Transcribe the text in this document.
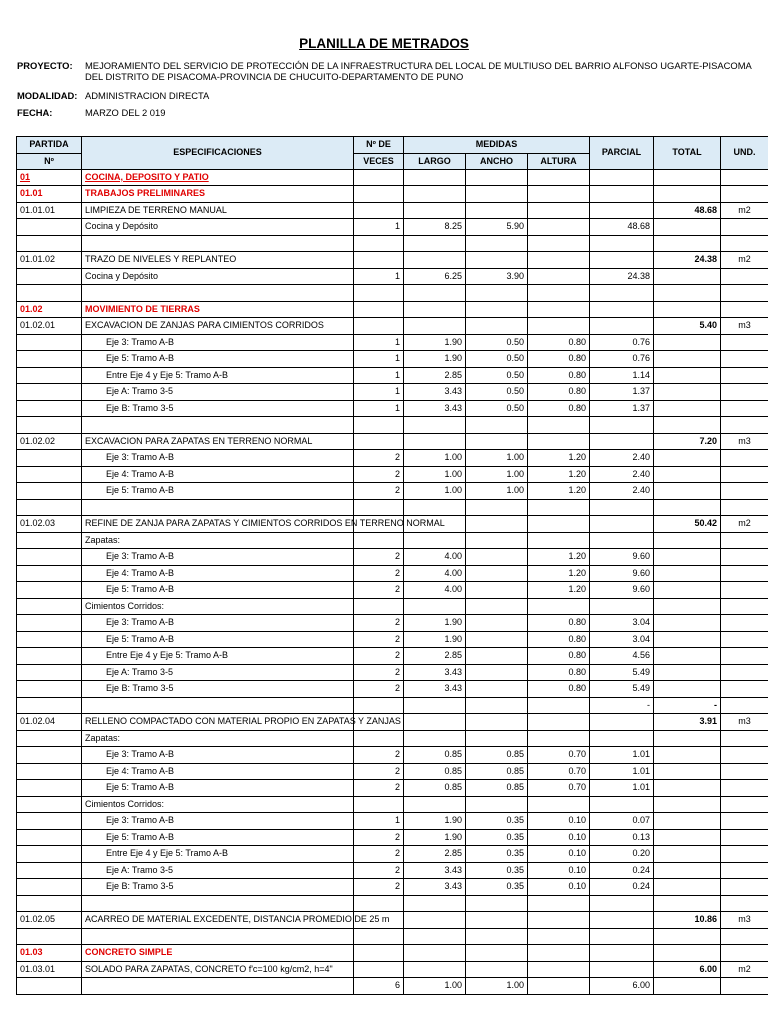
PLANILLA DE METRADOS
PROYECTO: MEJORAMIENTO DEL SERVICIO DE PROTECCIÓN DE LA INFRAESTRUCTURA DEL LOCAL DE MULTIUSO DEL BARRIO ALFONSO UGARTE-PISACOMA
DEL DISTRITO DE PISACOMA-PROVINCIA DE CHUCUITO-DEPARTAMENTO DE PUNO
MODALIDAD: ADMINISTRACION DIRECTA
FECHA:	MARZO DEL 2 019
PARTIDA	ESPECIFICACIONES	Nº DE	MEDIDAS			PARCIAL	TOTAL	UND.
Nº		VECES	LARGO	ANCHO	ALTURA			
01	COCINA, DEPOSITO Y PATIO							
01.01	TRABAJOS PRELIMINARES							
01.01.01	LIMPIEZA DE TERRENO MANUAL						48.68	m2
	Cocina y Depósito	1	8.25	5.90		48.68		

01.01.02	TRAZO DE NIVELES Y REPLANTEO						24.38	m2
	Cocina y Depósito	1	6.25	3.90		24.38		

01.02	MOVIMIENTO DE TIERRAS							
01.02.01	EXCAVACION DE ZANJAS PARA CIMIENTOS CORRIDOS						5.40	m3
	Eje 3: Tramo A-B	1	1.90	0.50	0.80	0.76		
	Eje 5: Tramo A-B	1	1.90	0.50	0.80	0.76		
	Entre Eje 4 y Eje 5: Tramo A-B	1	2.85	0.50	0.80	1.14		
	Eje A: Tramo 3-5	1	3.43	0.50	0.80	1.37		
	Eje B: Tramo 3-5	1	3.43	0.50	0.80	1.37		

01.02.02	EXCAVACION PARA ZAPATAS EN TERRENO NORMAL						7.20	m3
	Eje 3: Tramo A-B	2	1.00	1.00	1.20	2.40		
	Eje 4: Tramo A-B	2	1.00	1.00	1.20	2.40		
	Eje 5: Tramo A-B	2	1.00	1.00	1.20	2.40		

01.02.03	REFINE DE ZANJA PARA ZAPATAS Y CIMIENTOS CORRIDOS EN TERRENO NORMAL						50.42	m2
	Zapatas:							
	Eje 3: Tramo A-B	2	4.00		1.20	9.60		
	Eje 4: Tramo A-B	2	4.00		1.20	9.60		
	Eje 5: Tramo A-B	2	4.00		1.20	9.60		
	Cimientos Corridos:							
	Eje 3: Tramo A-B	2	1.90		0.80	3.04		
	Eje 5: Tramo A-B	2	1.90		0.80	3.04		
	Entre Eje 4 y Eje 5: Tramo A-B	2	2.85		0.80	4.56		
	Eje A: Tramo 3-5	2	3.43		0.80	5.49		
	Eje B: Tramo 3-5	2	3.43		0.80	5.49		
						-	-	
01.02.04	RELLENO COMPACTADO CON MATERIAL PROPIO EN ZAPATAS Y ZANJAS						3.91	m3
	Zapatas:							
	Eje 3: Tramo A-B	2	0.85	0.85	0.70	1.01		
	Eje 4: Tramo A-B	2	0.85	0.85	0.70	1.01		
	Eje 5: Tramo A-B	2	0.85	0.85	0.70	1.01		
	Cimientos Corridos:							
	Eje 3: Tramo A-B	1	1.90	0.35	0.10	0.07		
	Eje 5: Tramo A-B	2	1.90	0.35	0.10	0.13		
	Entre Eje 4 y Eje 5: Tramo A-B	2	2.85	0.35	0.10	0.20		
	Eje A: Tramo 3-5	2	3.43	0.35	0.10	0.24		
	Eje B: Tramo 3-5	2	3.43	0.35	0.10	0.24		

01.02.05	ACARREO DE MATERIAL EXCEDENTE, DISTANCIA PROMEDIO DE 25 m						10.86	m3

01.03	CONCRETO SIMPLE							
01.03.01	SOLADO PARA ZAPATAS, CONCRETO f'c=100 kg/cm2, h=4"						6.00	m2
		6	1.00	1.00		6.00		
